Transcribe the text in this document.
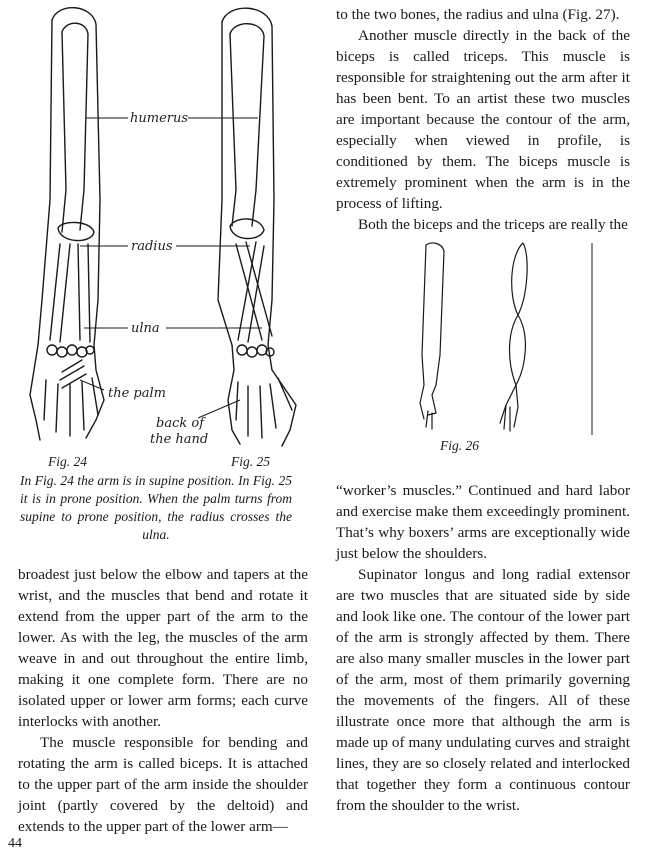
humerus
radius
ulna
the palm
back of
the hand
Fig. 24	Fig. 25

In Fig. 24 the arm is in supine position. In Fig. 25 it is in prone position. When the palm turns from supine to prone position, the radius crosses the ulna.

broadest just below the elbow and tapers at the wrist, and the muscles that bend and rotate it extend from the upper part of the arm to the lower. As with the leg, the muscles of the arm weave in and out throughout the entire limb, making it one complete form. There are no isolated upper or lower arm forms; each curve interlocks with another.

The muscle responsible for bending and rotating the arm is called biceps. It is attached to the upper part of the arm inside the shoulder joint (partly covered by the deltoid) and extends to the upper part of the lower arm—

to the two bones, the radius and ulna (Fig. 27).

Another muscle directly in the back of the biceps is called triceps. This muscle is responsible for straightening out the arm after it has been bent. To an artist these two muscles are important because the contour of the arm, especially when viewed in profile, is conditioned by them. The biceps muscle is extremely prominent when the arm is in the process of lifting.

Both the biceps and the triceps are really the

Fig. 26

“worker’s muscles.” Continued and hard labor and exercise make them exceedingly prominent. That’s why boxers’ arms are exceptionally wide just below the shoulders.

Supinator longus and long radial extensor are two muscles that are situated side by side and look like one. The contour of the lower part of the arm is strongly affected by them. There are also many smaller muscles in the lower part of the arm, most of them primarily governing the movements of the fingers. All of these illustrate once more that although the arm is made up of many undulating curves and straight lines, they are so closely related and interlocked that together they form a continuous contour from the shoulder to the wrist.

44
